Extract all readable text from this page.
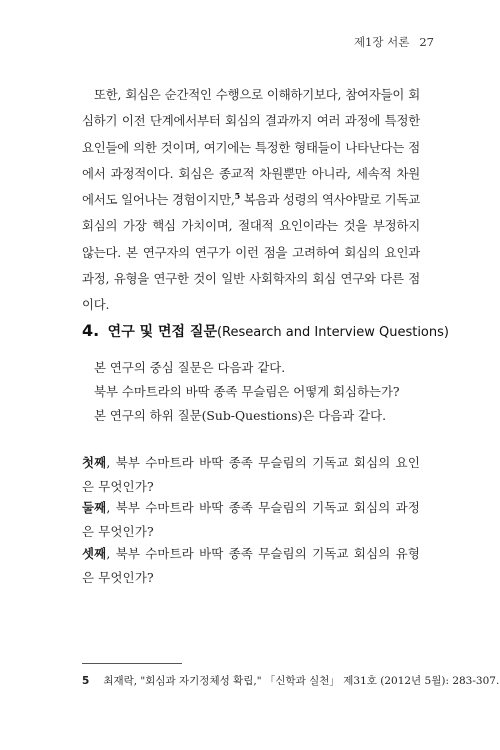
제1장 서론 27
또한, 회심은 순간적인 수행으로 이해하기보다, 참여자들이 회심하기 이전 단계에서부터 회심의 결과까지 여러 과정에 특정한 요인들에 의한 것이며, 여기에는 특정한 형태들이 나타난다는 점에서 과정적이다. 회심은 종교적 차원뿐만 아니라, 세속적 차원에서도 일어나는 경험이지만,$^5$ 복음과 성령의 역사야말로 기독교 회심의 가장 핵심 가치이며, 절대적 요인이라는 것을 부정하지 않는다. 본 연구자의 연구가 이런 점을 고려하여 회심의 요인과 과정, 유형을 연구한 것이 일반 사회학자의 회심 연구와 다른 점이다.
4. 연구 및 면접 질문(Research and Interview Questions)
본 연구의 중심 질문은 다음과 같다.
북부 수마트라의 바딱 종족 무슬림은 어떻게 회심하는가?
본 연구의 하위 질문(Sub-Questions)은 다음과 같다.
첫째, 북부 수마트라 바딱 종족 무슬림의 기독교 회심의 요인은 무엇인가?
둘째, 북부 수마트라 바딱 종족 무슬림의 기독교 회심의 과정은 무엇인가?
셋째, 북부 수마트라 바딱 종족 무슬림의 기독교 회심의 유형은 무엇인가?
5 최재락, "회심과 자기정체성 확립," 「신학과 실천」 제31호 (2012년 5월): 283-307.
